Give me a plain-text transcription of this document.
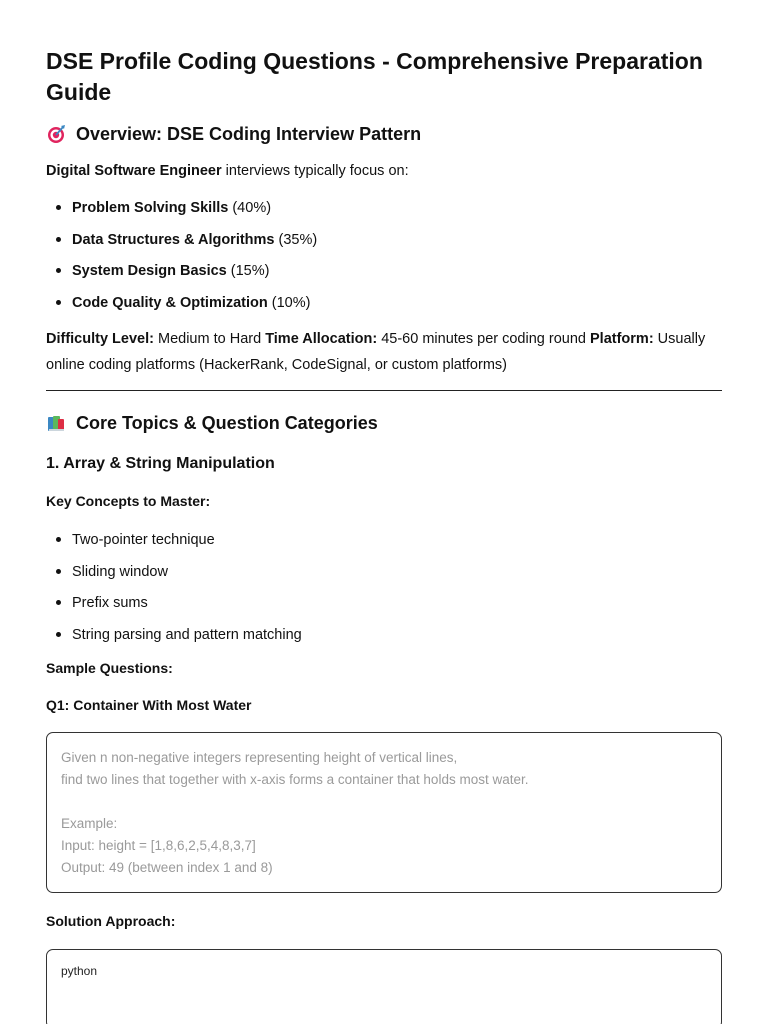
DSE Profile Coding Questions - Comprehensive Preparation Guide
Overview: DSE Coding Interview Pattern

Digital Software Engineer interviews typically focus on:

Problem Solving Skills (40%)
Data Structures & Algorithms (35%)
System Design Basics (15%)
Code Quality & Optimization (10%)

Difficulty Level: Medium to Hard Time Allocation: 45-60 minutes per coding round Platform: Usually online coding platforms (HackerRank, CodeSignal, or custom platforms)

Core Topics & Question Categories
1. Array & String Manipulation
Key Concepts to Master:
Two-pointer technique
Sliding window
Prefix sums
String parsing and pattern matching
Sample Questions:
Q1: Container With Most Water
Given n non-negative integers representing height of vertical lines,
find two lines that together with x-axis forms a container that holds most water.
Example:
Input: height = [1,8,6,2,5,4,8,3,7]
Output: 49 (between index 1 and 8)
Solution Approach:
python
